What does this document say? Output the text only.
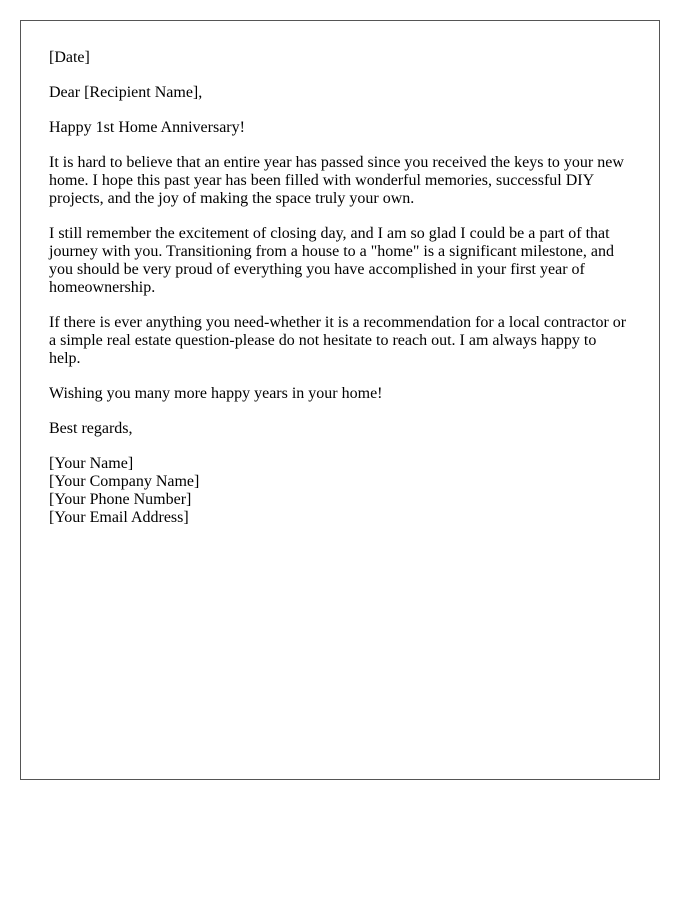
[Date]

Dear [Recipient Name],

Happy 1st Home Anniversary!

It is hard to believe that an entire year has passed since you received the keys to your new home. I hope this past year has been filled with wonderful memories, successful DIY projects, and the joy of making the space truly your own.

I still remember the excitement of closing day, and I am so glad I could be a part of that journey with you. Transitioning from a house to a "home" is a significant milestone, and you should be very proud of everything you have accomplished in your first year of homeownership.

If there is ever anything you need-whether it is a recommendation for a local contractor or a simple real estate question-please do not hesitate to reach out. I am always happy to help.

Wishing you many more happy years in your home!

Best regards,

[Your Name]

[Your Company Name]

[Your Phone Number]

[Your Email Address]
